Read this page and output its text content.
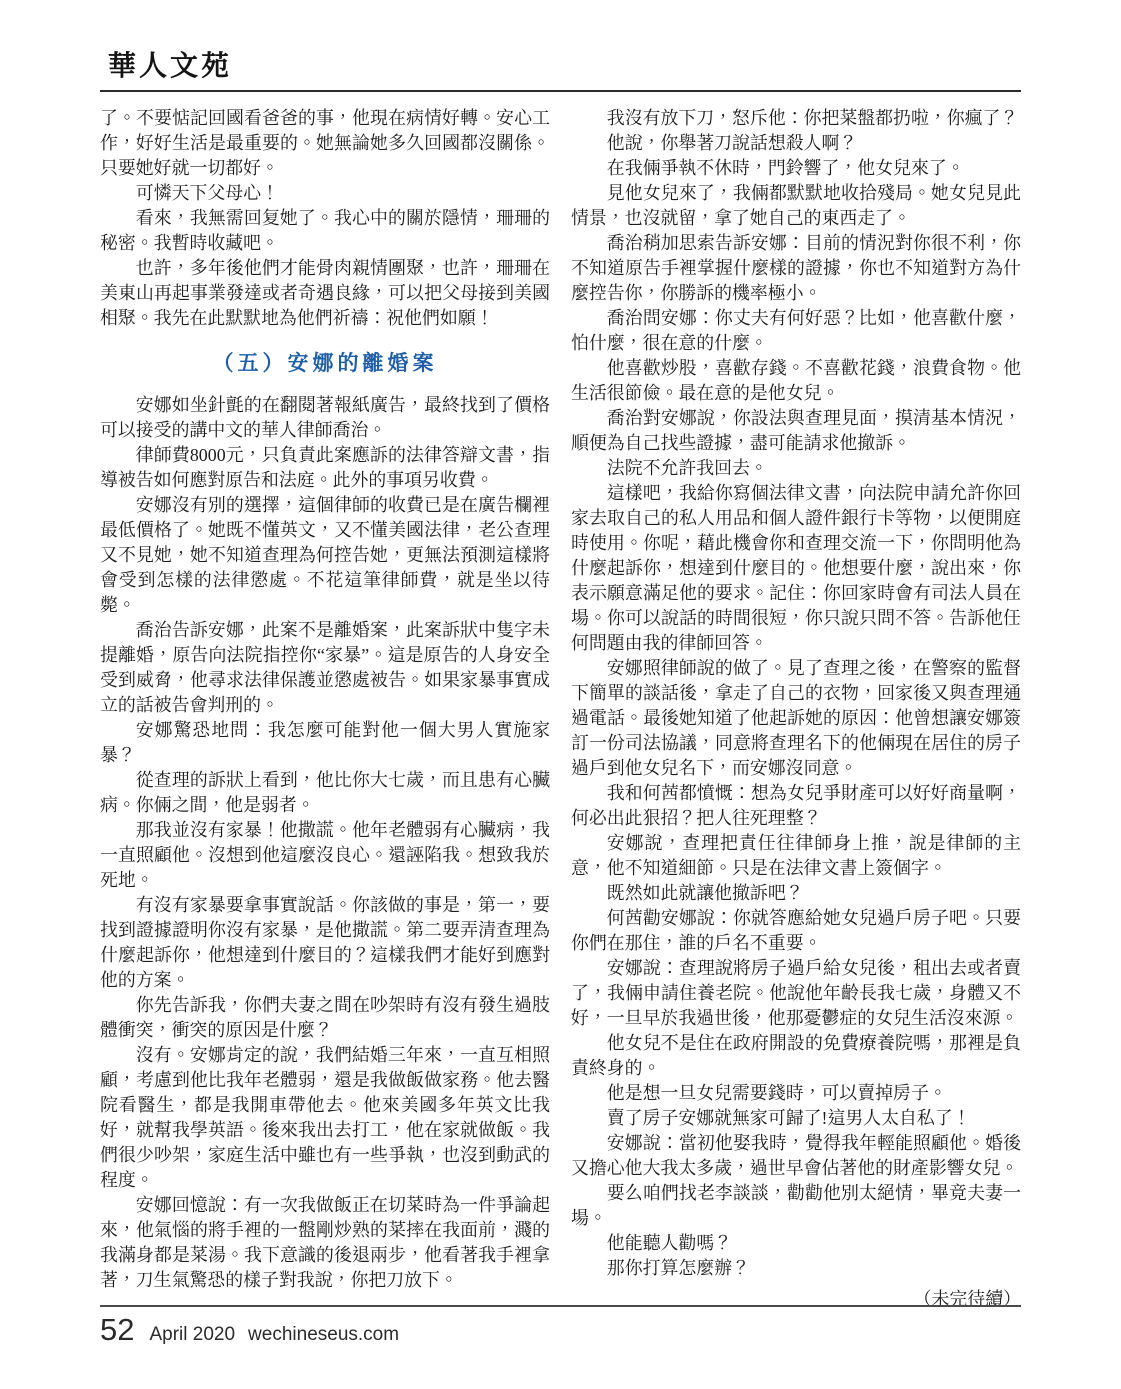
華人文苑

了。不要惦記回國看爸爸的事，他現在病情好轉。安心工作，好好生活是最重要的。她無論她多久回國都沒關係。只要她好就一切都好。

可憐天下父母心！

看來，我無需回复她了。我心中的關於隱情，珊珊的秘密。我暫時收藏吧。

也許，多年後他們才能骨肉親情團聚，也許，珊珊在美東山再起事業發達或者奇遇良緣，可以把父母接到美國相聚。我先在此默默地為他們祈禱：祝他們如願！

（五）安娜的離婚案

安娜如坐針氈的在翻閱著報紙廣告，最終找到了價格可以接受的講中文的華人律師喬治。

律師費8000元，只負責此案應訴的法律答辯文書，指導被告如何應對原告和法庭。此外的事項另收費。

安娜沒有別的選擇，這個律師的收費已是在廣告欄裡最低價格了。她既不懂英文，又不懂美國法律，老公查理又不見她，她不知道查理為何控告她，更無法預測這樣將會受到怎樣的法律懲處。不花這筆律師費，就是坐以待斃。

喬治告訴安娜，此案不是離婚案，此案訴狀中隻字未提離婚，原告向法院指控你“家暴”。這是原告的人身安全受到威脅，他尋求法律保護並懲處被告。如果家暴事實成立的話被告會判刑的。

安娜驚恐地問：我怎麼可能對他一個大男人實施家暴？

從查理的訴狀上看到，他比你大七歲，而且患有心臟病。你倆之間，他是弱者。

那我並沒有家暴！他撒謊。他年老體弱有心臟病，我一直照顧他。沒想到他這麼沒良心。還誣陷我。想致我於死地。

有沒有家暴要拿事實說話。你該做的事是，第一，要找到證據證明你沒有家暴，是他撒謊。第二要弄清查理為什麼起訴你，他想達到什麼目的？這樣我們才能好到應對他的方案。

你先告訴我，你們夫妻之間在吵架時有沒有發生過肢體衝突，衝突的原因是什麼？

沒有。安娜肯定的說，我們結婚三年來，一直互相照顧，考慮到他比我年老體弱，還是我做飯做家務。他去醫院看醫生，都是我開車帶他去。他來美國多年英文比我好，就幫我學英語。後來我出去打工，他在家就做飯。我們很少吵架，家庭生活中雖也有一些爭執，也沒到動武的程度。

安娜回憶說：有一次我做飯正在切菜時為一件爭論起來，他氣惱的將手裡的一盤剛炒熟的菜摔在我面前，濺的我滿身都是菜湯。我下意識的後退兩步，他看著我手裡拿著，刀生氣驚恐的樣子對我說，你把刀放下。

我沒有放下刀，怒斥他：你把菜盤都扔啦，你瘋了？

他說，你舉著刀說話想殺人啊？

在我倆爭執不休時，門鈴響了，他女兒來了。

見他女兒來了，我倆都默默地收拾殘局。她女兒見此情景，也沒就留，拿了她自己的東西走了。

喬治稍加思索告訴安娜：目前的情況對你很不利，你不知道原告手裡掌握什麼樣的證據，你也不知道對方為什麼控告你，你勝訴的機率極小。

喬治問安娜：你丈夫有何好惡？比如，他喜歡什麼，怕什麼，很在意的什麼。

他喜歡炒股，喜歡存錢。不喜歡花錢，浪費食物。他生活很節儉。最在意的是他女兒。

喬治對安娜說，你設法與查理見面，摸清基本情況，順便為自己找些證據，盡可能請求他撤訴。

法院不允許我回去。

這樣吧，我給你寫個法律文書，向法院申請允許你回家去取自己的私人用品和個人證件銀行卡等物，以便開庭時使用。你呢，藉此機會你和查理交流一下，你問明他為什麼起訴你，想達到什麼目的。他想要什麼，說出來，你表示願意滿足他的要求。記住：你回家時會有司法人員在場。你可以說話的時間很短，你只說只問不答。告訴他任何問題由我的律師回答。

安娜照律師說的做了。見了查理之後，在警察的監督下簡單的談話後，拿走了自己的衣物，回家後又與查理通過電話。最後她知道了他起訴她的原因：他曾想讓安娜簽訂一份司法協議，同意將查理名下的他倆現在居住的房子過戶到他女兒名下，而安娜沒同意。

我和何茜都憤慨：想為女兒爭財產可以好好商量啊，何必出此狠招？把人往死理整？

安娜說，查理把責任往律師身上推，說是律師的主意，他不知道細節。只是在法律文書上簽個字。

既然如此就讓他撤訴吧？

何茜勸安娜說：你就答應給她女兒過戶房子吧。只要你們在那住，誰的戶名不重要。

安娜說：查理說將房子過戶給女兒後，租出去或者賣了，我倆申請住養老院。他說他年齡長我七歲，身體又不好，一旦早於我過世後，他那憂鬱症的女兒生活沒來源。

他女兒不是住在政府開設的免費療養院嗎，那裡是負責終身的。

他是想一旦女兒需要錢時，可以賣掉房子。

賣了房子安娜就無家可歸了!這男人太自私了！

安娜說：當初他娶我時，覺得我年輕能照顧他。婚後又擔心他大我太多歲，過世早會佔著他的財產影響女兒。

要么咱們找老李談談，勸勸他別太絕情，畢竟夫妻一場。

他能聽人勸嗎？

那你打算怎麼辦？

（未完待續）

52 April 2020 wechineseus.com
